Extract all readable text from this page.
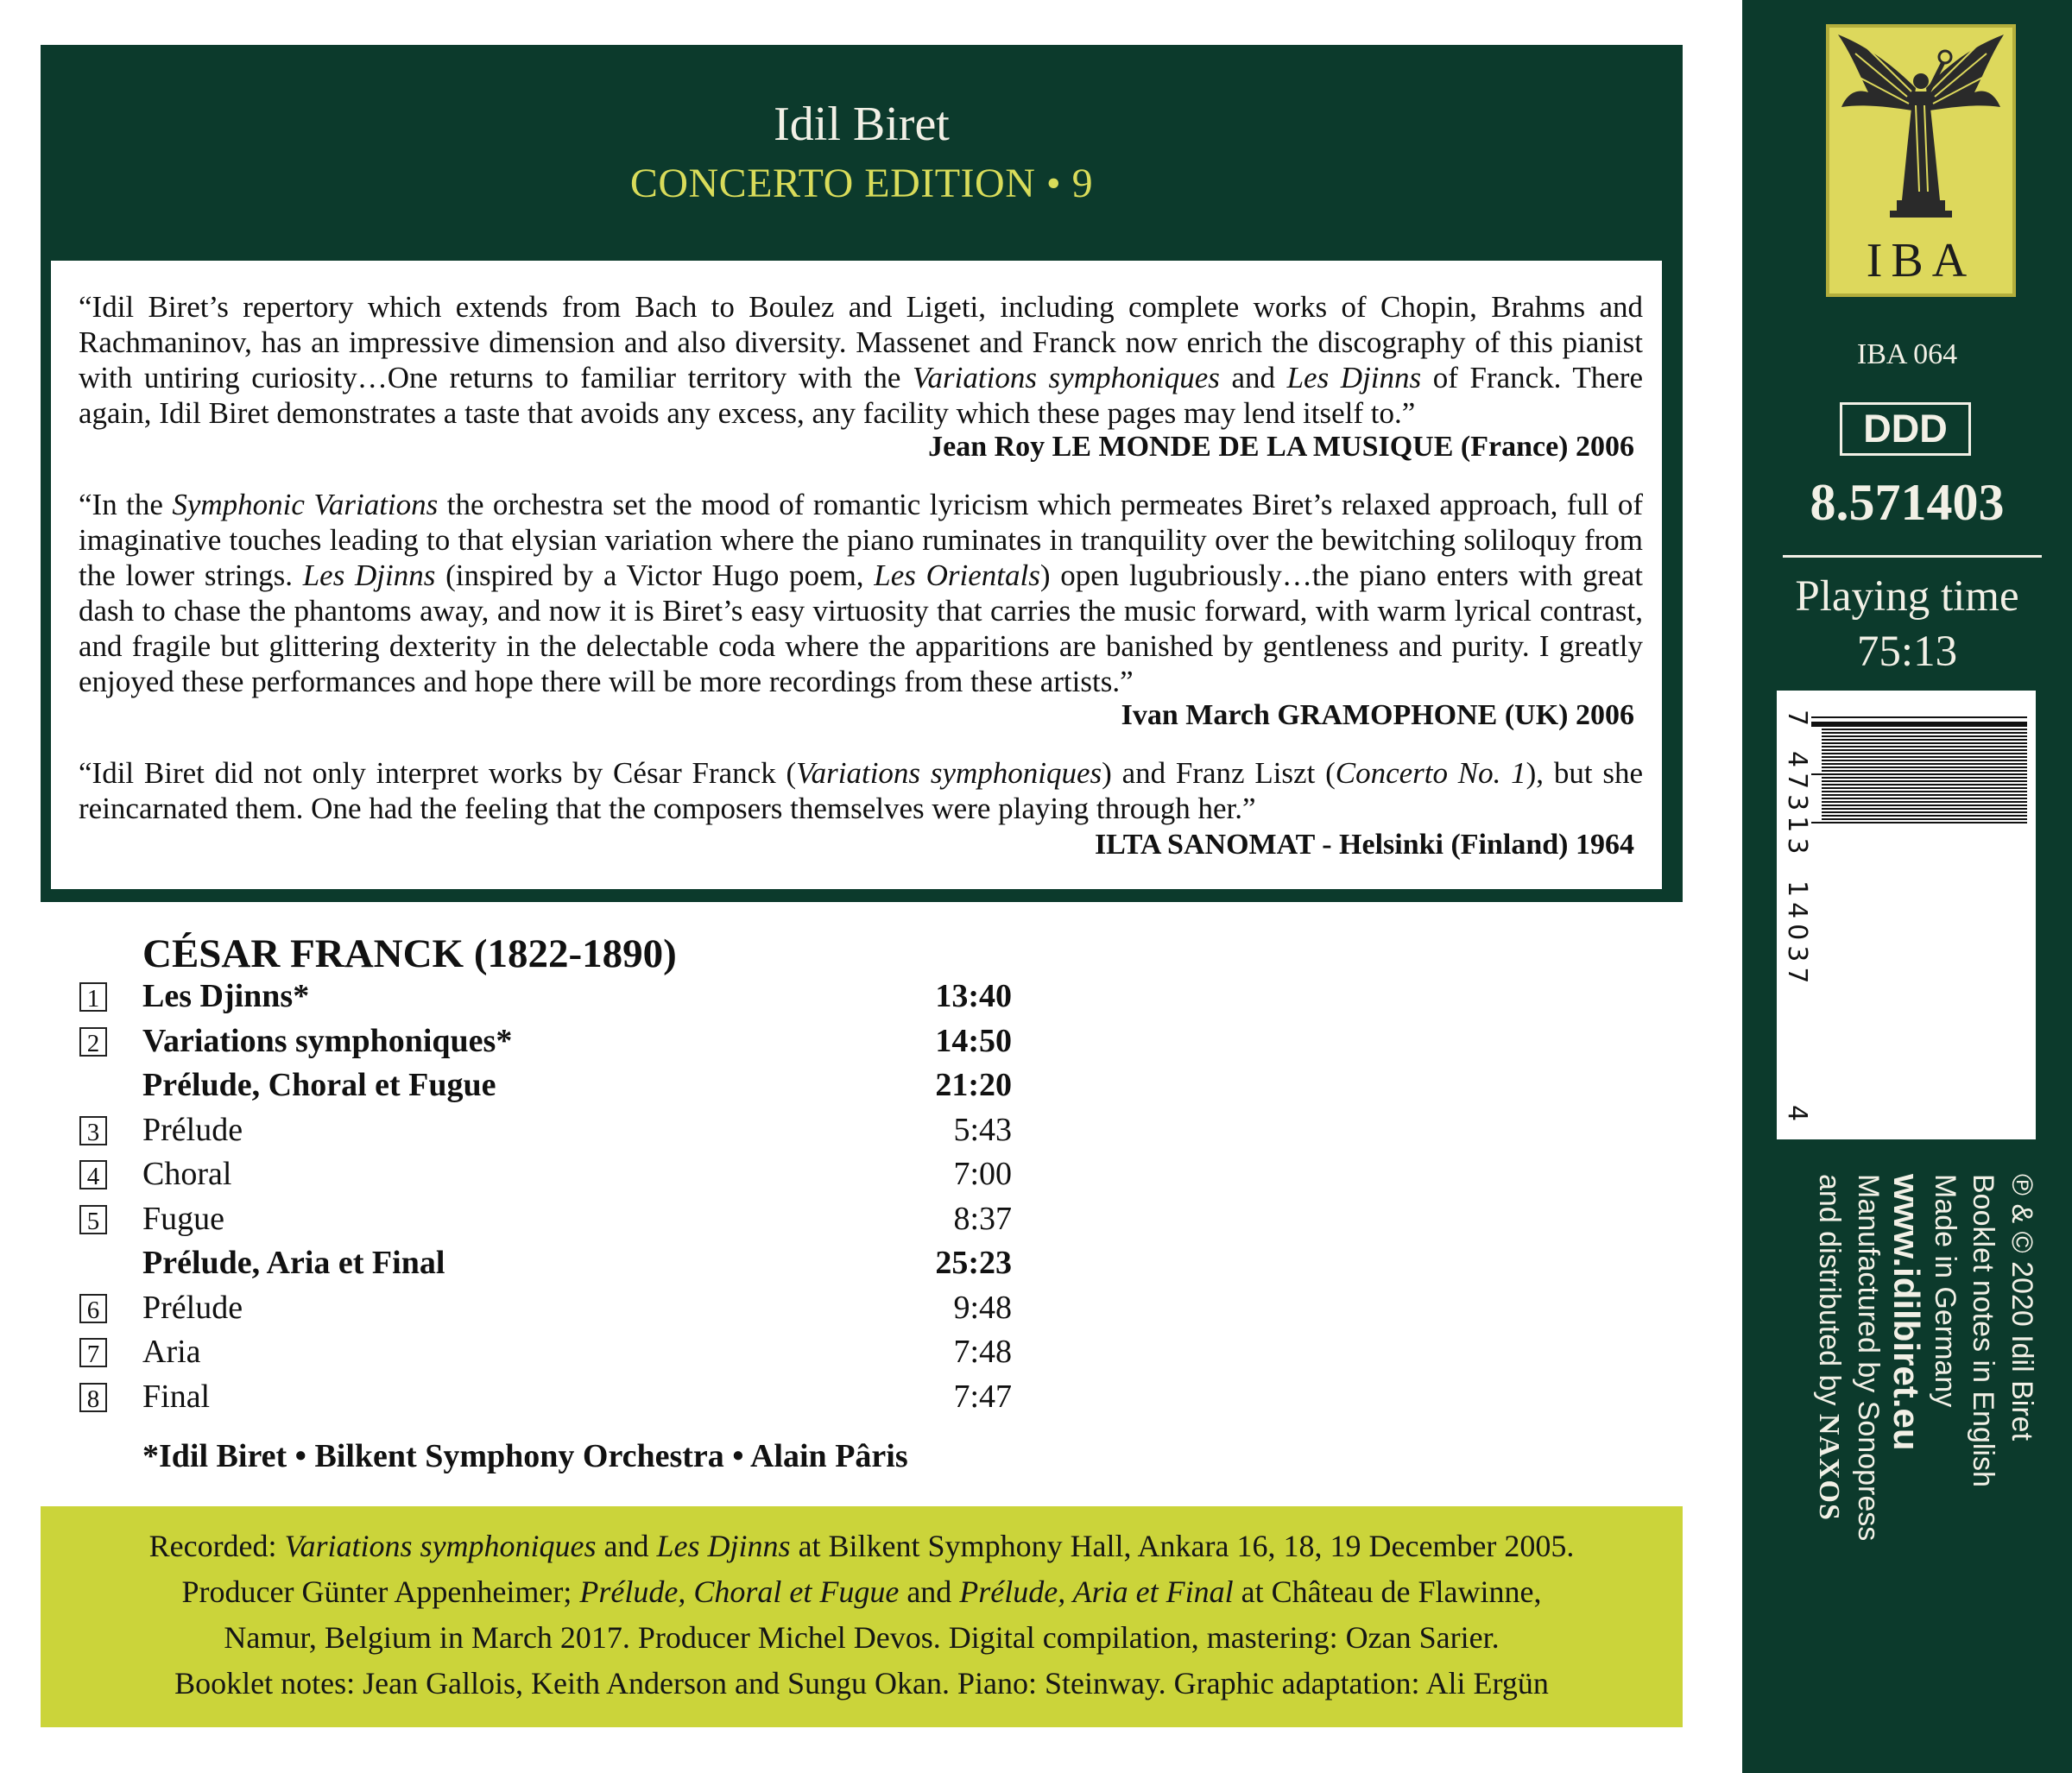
Idil Biret
CONCERTO EDITION • 9
“Idil Biret’s repertory which extends from Bach to Boulez and Ligeti, including complete works of Chopin, Brahms and Rachmaninov, has an impressive dimension and also diversity. Massenet and Franck now enrich the discography of this pianist with untiring curiosity…One returns to familiar territory with the Variations symphoniques and Les Djinns of Franck. There again, Idil Biret demonstrates a taste that avoids any excess, any facility which these pages may lend itself to.”
Jean Roy LE MONDE DE LA MUSIQUE (France) 2006
“In the Symphonic Variations the orchestra set the mood of romantic lyricism which permeates Biret’s relaxed approach, full of imaginative touches leading to that elysian variation where the piano ruminates in tranquility over the bewitching soliloquy from the lower strings. Les Djinns (inspired by a Victor Hugo poem, Les Orientals) open lugubriously…the piano enters with great dash to chase the phantoms away, and now it is Biret’s easy virtuosity that carries the music forward, with warm lyrical contrast, and fragile but glittering dexterity in the delectable coda where the apparitions are banished by gentleness and purity. I greatly enjoyed these performances and hope there will be more recordings from these artists.”
Ivan March GRAMOPHONE (UK) 2006
“Idil Biret did not only interpret works by César Franck (Variations symphoniques) and Franz Liszt (Concerto No. 1), but she reincarnated them. One had the feeling that the composers themselves were playing through her.”
ILTA SANOMAT - Helsinki (Finland) 1964
CÉSAR FRANCK (1822-1890)
1 Les Djinns*	13:40
2 Variations symphoniques*	14:50
Prélude, Choral et Fugue	21:20
3 Prélude	5:43
4 Choral	7:00
5 Fugue	8:37
Prélude, Aria et Final	25:23
6 Prélude	9:48
7 Aria	7:48
8 Final	7:47
*Idil Biret • Bilkent Symphony Orchestra • Alain Pâris
Recorded: Variations symphoniques and Les Djinns at Bilkent Symphony Hall, Ankara 16, 18, 19 December 2005.
Producer Günter Appenheimer; Prélude, Choral et Fugue and Prélude, Aria et Final at Château de Flawinne,
Namur, Belgium in March 2017. Producer Michel Devos. Digital compilation, mastering: Ozan Sarier.
Booklet notes: Jean Gallois, Keith Anderson and Sungu Okan. Piano: Steinway. Graphic adaptation: Ali Ergün
IBA
IBA 064
DDD
8.571403
Playing time
75:13
7
47313
14037
4
℗ & © 2020 Idil Biret
Booklet notes in English
Made in Germany
www.idilbiret.eu
Manufactured by Sonopress
and distributed by NAXOS
